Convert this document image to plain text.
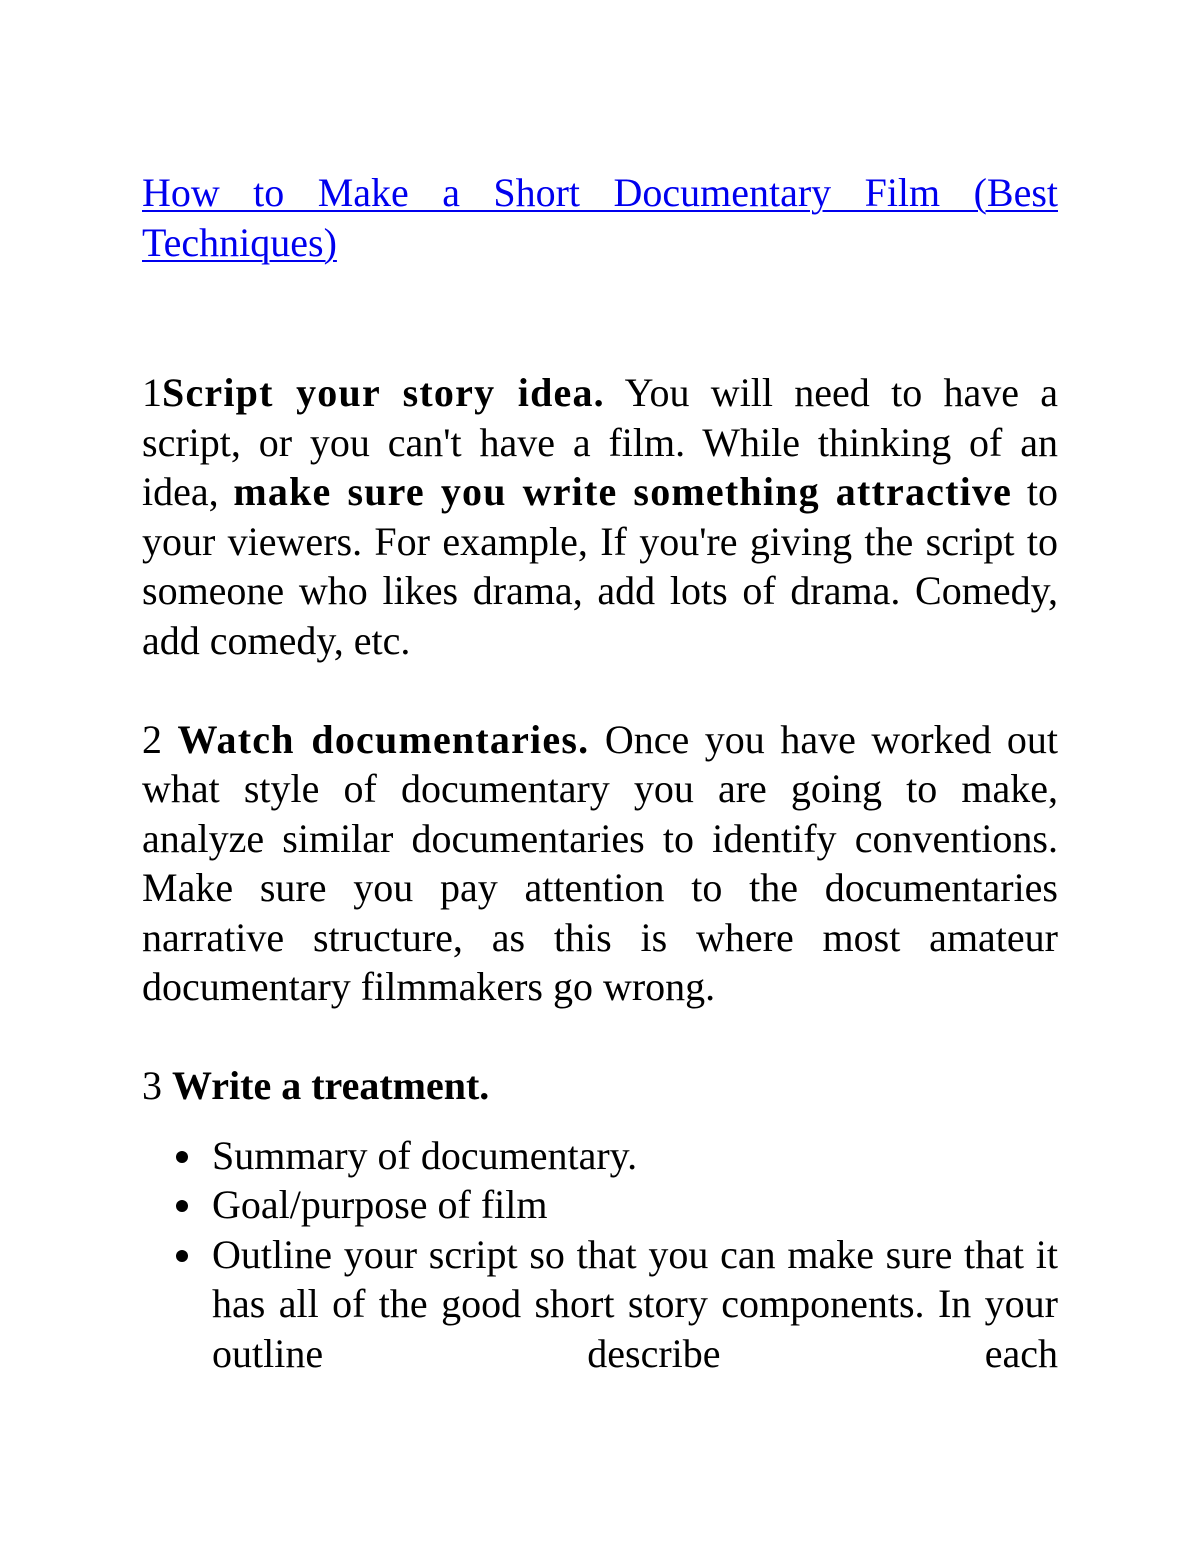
How to Make a Short Documentary Film (Best Techniques)

1Script your story idea. You will need to have a script, or you can't have a film. While thinking of an idea, make sure you write something attractive to your viewers. For example, If you're giving the script to someone who likes drama, add lots of drama. Comedy, add comedy, etc.

2 Watch documentaries. Once you have worked out what style of documentary you are going to make, analyze similar documentaries to identify conventions. Make sure you pay attention to the documentaries narrative structure, as this is where most amateur documentary filmmakers go wrong.

3 Write a treatment.

Summary of documentary.
Goal/purpose of film
Outline your script so that you can make sure that it has all of the good short story components. In your outline describe each
